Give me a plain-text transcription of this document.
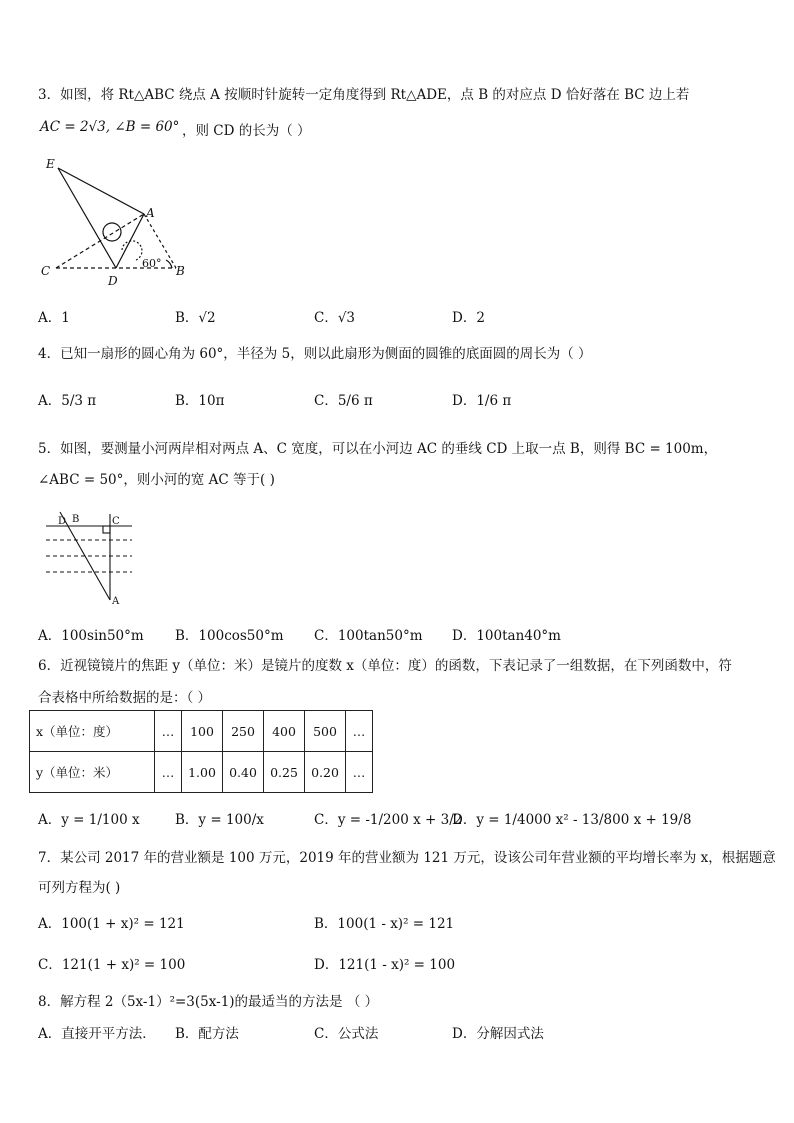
3．如图，将 Rt△ABC 绕点 A 按顺时针旋转一定角度得到 Rt△ADE，点 B 的对应点 D 恰好落在 BC 边上若
AC = 2√3, ∠B = 60° ，则 CD 的长为（ ）
E
A
C
D
B
60°
A．1	B．√2	C．√3	D．2
4．已知一扇形的圆心角为 60°，半径为 5，则以此扇形为侧面的圆锥的底面圆的周长为（ ）
A．5/3 π	B．10π	C．5/6 π	D．1/6 π
5．如图，要测量小河两岸相对两点 A、C 宽度，可以在小河边 AC 的垂线 CD 上取一点 B，则得 BC = 100m，
∠ABC = 50°，则小河的宽 AC 等于( )
D B	C
A
A．100sin50°m B．100cos50°m C．100tan50°m D．100tan40°m
6．近视镜镜片的焦距 y（单位：米）是镜片的度数 x（单位：度）的函数，下表记录了一组数据，在下列函数中，符
合表格中所给数据的是：（ ）
x（单位：度）	…	100	250	400	500	…
y（单位：米）	…	1.00	0.40	0.25	0.20	…
A．y = 1/100 x	B．y = 100/x	C．y = -1/200 x + 3/2
D．y = 1/4000 x² - 13/800 x + 19/8
7．某公司 2017 年的营业额是 100 万元，2019 年的营业额为 121 万元，设该公司年营业额的平均增长率为 x，根据题意
可列方程为( )
A．100(1 + x)² = 121	B．100(1 - x)² = 121
C．121(1 + x)² = 100	D．121(1 - x)² = 100
8．解方程 2（5x-1）²=3(5x-1)的最适当的方法是 （ ）
A．直接开平方法． B．配方法	C．公式法	D．分解因式法
